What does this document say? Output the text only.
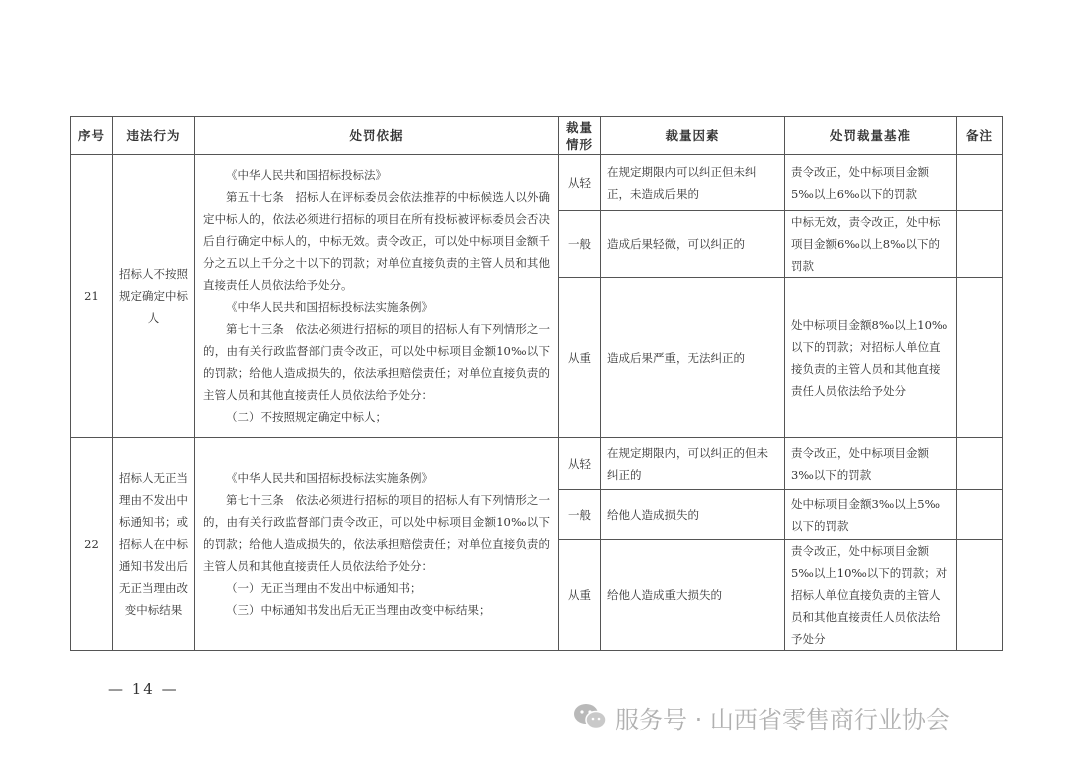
序号	违法行为	处罚依据	裁量情形	裁量因素	处罚裁量基准	备注
21	招标人不按照规定确定中标人	《中华人民共和国招标投标法》

第五十七条　招标人在评标委员会依法推荐的中标候选人以外确定中标人的，依法必须进行招标的项目在所有投标被评标委员会否决后自行确定中标人的，中标无效。责令改正，可以处中标项目金额千分之五以上千分之十以下的罚款；对单位直接负责的主管人员和其他直接责任人员依法给予处分。

《中华人民共和国招标投标法实施条例》

第七十三条　依法必须进行招标的项目的招标人有下列情形之一的，由有关行政监督部门责令改正，可以处中标项目金额10‰以下的罚款；给他人造成损失的，依法承担赔偿责任；对单位直接负责的主管人员和其他直接责任人员依法给予处分：

（二）不按照规定确定中标人；	从轻	在规定期限内可以纠正但未纠正，未造成后果的	责令改正，处中标项目金额5‰以上6‰以下的罚款	
			一般	造成后果轻微，可以纠正的	中标无效，责令改正，处中标项目金额6‰以上8‰以下的罚款	
			从重	造成后果严重，无法纠正的	处中标项目金额8‰以上10‰以下的罚款；对招标人单位直接负责的主管人员和其他直接责任人员依法给予处分	
22	招标人无正当理由不发出中标通知书；或招标人在中标通知书发出后无正当理由改变中标结果	《中华人民共和国招标投标法实施条例》

第七十三条　依法必须进行招标的项目的招标人有下列情形之一的，由有关行政监督部门责令改正，可以处中标项目金额10‰以下的罚款；给他人造成损失的，依法承担赔偿责任；对单位直接负责的主管人员和其他直接责任人员依法给予处分：

（一）无正当理由不发出中标通知书；

（三）中标通知书发出后无正当理由改变中标结果；	从轻	在规定期限内，可以纠正的但未纠正的	责令改正，处中标项目金额3‰以下的罚款	
			一般	给他人造成损失的	处中标项目金额3‰以上5‰以下的罚款	
			从重	给他人造成重大损失的	责令改正，处中标项目金额5‰以上10‰以下的罚款；对招标人单位直接负责的主管人员和其他直接责任人员依法给予处分	
— 14 —
服务号 · 山西省零售商行业协会
